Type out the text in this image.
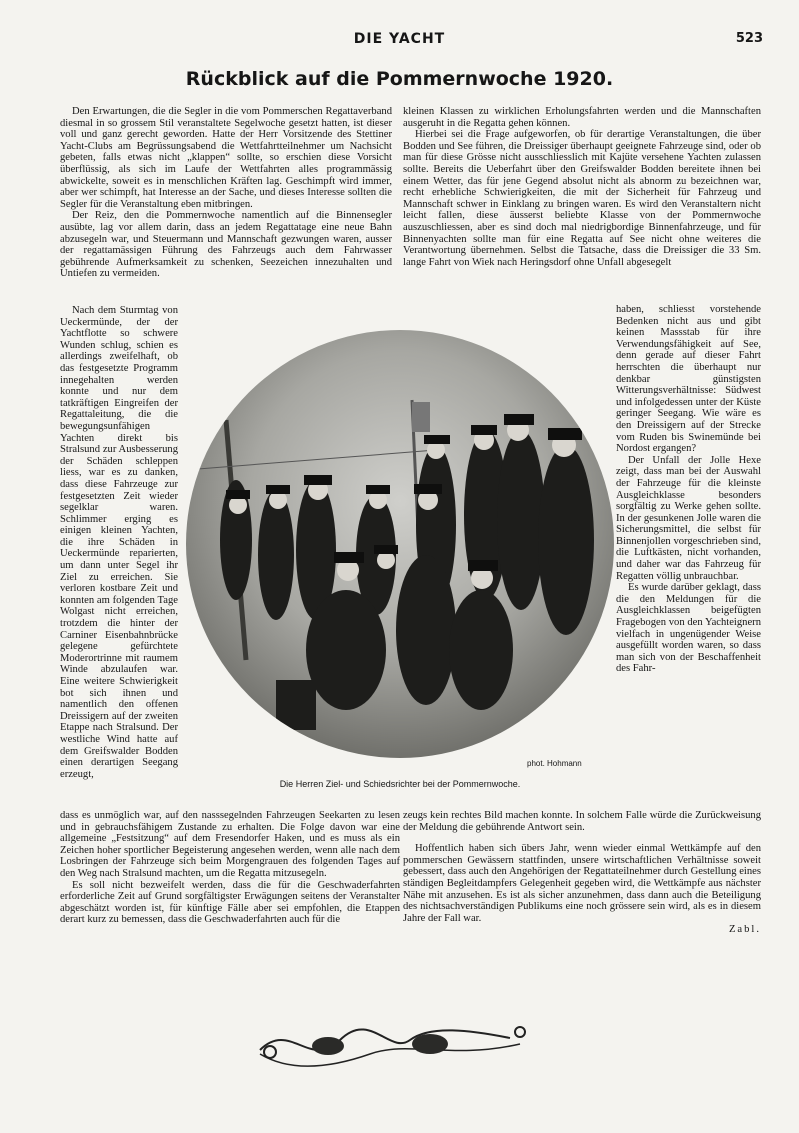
DIE YACHT	523
Rückblick auf die Pommernwoche 1920.

Den Erwartungen, die die Segler in die vom Pommerschen Regattaverband diesmal in so grossem Stil veranstaltete Segelwoche gesetzt hatten, ist dieser voll und ganz gerecht geworden. Hatte der Herr Vorsitzende des Stettiner Yacht-Clubs am Begrüssungsabend die Wettfahrtteilnehmer um Nachsicht gebeten, falls etwas nicht „klappen“ sollte, so erschien diese Vorsicht überflüssig, als sich im Laufe der Wettfahrten alles programmässig abwickelte, soweit es in menschlichen Kräften lag. Geschimpft wird immer, aber wer schimpft, hat Interesse an der Sache, und dieses Interesse sollten die Segler für die Veranstaltung eben mitbringen.

Der Reiz, den die Pommernwoche namentlich auf die Binnensegler ausübte, lag vor allem darin, dass an jedem Regattatage eine neue Bahn abzusegeln war, und Steuermann und Mannschaft gezwungen waren, ausser der regattamässigen Führung des Fahrzeugs auch dem Fahrwasser gebührende Aufmerksamkeit zu schenken, Seezeichen innezuhalten und Untiefen zu vermeiden.

kleinen Klassen zu wirklichen Erholungsfahrten werden und die Mannschaften ausgeruht in die Regatta gehen können.

Hierbei sei die Frage aufgeworfen, ob für derartige Veranstaltungen, die über Bodden und See führen, die Dreissiger überhaupt geeignete Fahrzeuge sind, oder ob man für diese Grösse nicht ausschliesslich mit Kajüte versehene Yachten zulassen sollte. Bereits die Ueberfahrt über den Greifswalder Bodden bereitete ihnen bei einem Wetter, das für jene Gegend absolut nicht als abnorm zu bezeichnen war, recht erhebliche Schwierigkeiten, die mit der Sicherheit für Fahrzeug und Mannschaft schwer in Einklang zu bringen waren. Es wird den Veranstaltern nicht leicht fallen, diese äusserst beliebte Klasse von der Pommernwoche auszuschliessen, aber es sind doch mal niedrigbordige Binnenfahrzeuge, und für Binnenyachten sollte man für eine Regatta auf See nicht ohne weiteres die Verantwortung übernehmen. Selbst die Tatsache, dass die Dreissiger die 33 Sm. lange Fahrt von Wiek nach Heringsdorf ohne Unfall abgesegelt

Nach dem Sturmtag von Ueckermünde, der der Yachtflotte so schwere Wunden schlug, schien es allerdings zweifelhaft, ob das festgesetzte Programm innegehalten werden konnte und nur dem tatkräftigen Eingreifen der Regattaleitung, die die bewegungsunfähigen Yachten direkt bis Stralsund zur Ausbesserung der Schäden schleppen liess, war es zu danken, dass diese Fahrzeuge zur festgesetzten Zeit wieder segelklar waren. Schlimmer erging es einigen kleinen Yachten, die ihre Schäden in Ueckermünde reparierten, um dann unter Segel ihr Ziel zu erreichen. Sie verloren kostbare Zeit und konnten am folgenden Tage Wolgast nicht erreichen, trotzdem die hinter der Carniner Eisenbahnbrücke gelegene gefürchtete Moderortrinne mit raumem Winde abzulaufen war. Eine weitere Schwierigkeit bot sich ihnen und namentlich den offenen Dreissigern auf der zweiten Etappe nach Stralsund. Der westliche Wind hatte auf dem Greifswalder Bodden einen derartigen Seegang erzeugt,

haben, schliesst vorstehende Bedenken nicht aus und gibt keinen Massstab für ihre Verwendungsfähigkeit auf See, denn gerade auf dieser Fahrt herrschten die überhaupt nur denkbar günstigsten Witterungsverhältnisse: Südwest und infolgedessen unter der Küste geringer Seegang. Wie wäre es den Dreissigern auf der Strecke vom Ruden bis Swinemünde bei Nordost ergangen?

Der Unfall der Jolle Hexe zeigt, dass man bei der Auswahl der Fahrzeuge für die kleinste Ausgleichklasse besonders sorgfältig zu Werke gehen sollte. In der gesunkenen Jolle waren die Sicherungsmittel, die selbst für Binnenjollen vorgeschrieben sind, die Luftkästen, nicht vorhanden, und daher war das Fahrzeug für Regatten völlig unbrauchbar.

Es wurde darüber geklagt, dass die den Meldungen für die Ausgleichklassen beigefügten Fragebogen von den Yachteignern vielfach in ungenügender Weise ausgefüllt worden waren, so dass man sich von der Beschaffenheit des Fahr-

phot. Hohmann
Die Herren Ziel- und Schiedsrichter bei der Pommernwoche.

dass es unmöglich war, auf den nasssegelnden Fahrzeugen Seekarten zu lesen und in gebrauchsfähigem Zustande zu erhalten. Die Folge davon war eine allgemeine „Festsitzung“ auf dem Fresendorfer Haken, und es muss als ein Zeichen hoher sportlicher Begeisterung angesehen werden, wenn alle nach dem Losbringen der Fahrzeuge sich beim Morgengrauen des folgenden Tages auf den Weg nach Stralsund machten, um die Regatta mitzusegeln.

Es soll nicht bezweifelt werden, dass die für die Geschwaderfahrten erforderliche Zeit auf Grund sorgfältigster Erwägungen seitens der Veranstalter abgeschätzt worden ist, für künftige Fälle aber sei empfohlen, die Etappen derart kurz zu bemessen, dass die Geschwaderfahrten auch für die

zeugs kein rechtes Bild machen konnte. In solchem Falle würde die Zurückweisung der Meldung die gebührende Antwort sein.

Hoffentlich haben sich übers Jahr, wenn wieder einmal Wettkämpfe auf den pommerschen Gewässern stattfinden, unsere wirtschaftlichen Verhältnisse soweit gebessert, dass auch den Angehörigen der Regattateilnehmer durch Gestellung eines ständigen Begleitdampfers Gelegenheit gegeben wird, die Wettkämpfe aus nächster Nähe mit anzusehen. Es ist als sicher anzunehmen, dass dann auch die Beteiligung des nichtsachverständigen Publikums eine noch grössere sein wird, als es in diesem Jahre der Fall war.

Zabl.
